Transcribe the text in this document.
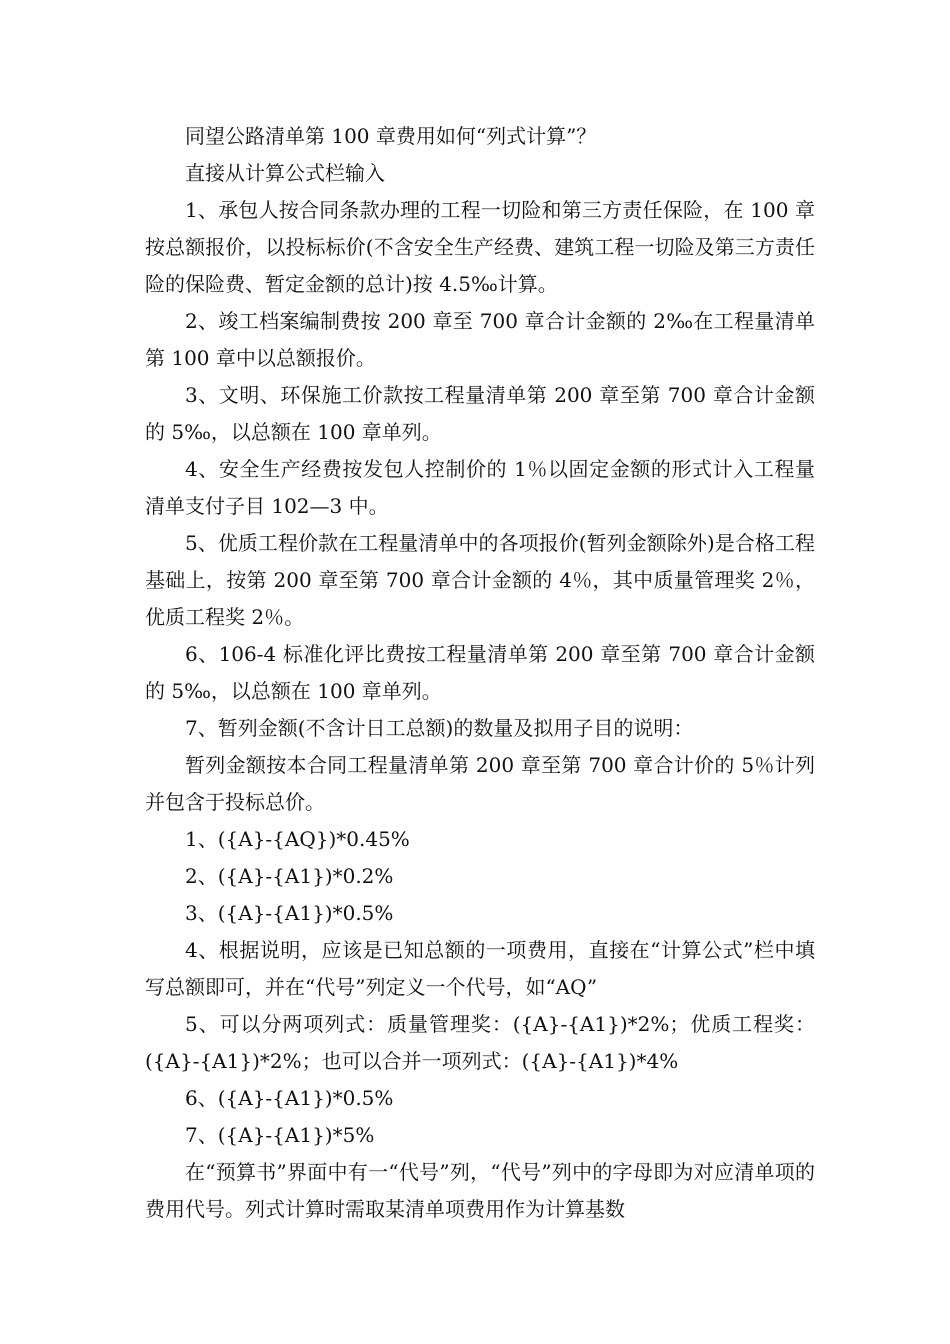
同望公路清单第 100 章费用如何“列式计算”？

直接从计算公式栏输入

1、承包人按合同条款办理的工程一切险和第三方责任保险，在 100 章按总额报价，以投标标价(不含安全生产经费、建筑工程一切险及第三方责任险的保险费、暂定金额的总计)按 4.5‰计算。

2、竣工档案编制费按 200 章至 700 章合计金额的 2‰在工程量清单第 100 章中以总额报价。

3、文明、环保施工价款按工程量清单第 200 章至第 700 章合计金额的 5‰，以总额在 100 章单列。

4、安全生产经费按发包人控制价的 1％以固定金额的形式计入工程量清单支付子目 102—3 中。

5、优质工程价款在工程量清单中的各项报价(暂列金额除外)是合格工程基础上，按第 200 章至第 700 章合计金额的 4％，其中质量管理奖 2％，优质工程奖 2％。

6、106-4 标准化评比费按工程量清单第 200 章至第 700 章合计金额的 5‰，以总额在 100 章单列。

7、暂列金额(不含计日工总额)的数量及拟用子目的说明：

暂列金额按本合同工程量清单第 200 章至第 700 章合计价的 5％计列并包含于投标总价。

1、({A}-{AQ})*0.45%

2、({A}-{A1})*0.2%

3、({A}-{A1})*0.5%

4、根据说明，应该是已知总额的一项费用，直接在“计算公式”栏中填写总额即可，并在“代号”列定义一个代号，如“AQ”

5、可以分两项列式：质量管理奖：({A}-{A1})*2%；优质工程奖：({A}-{A1})*2%；也可以合并一项列式：({A}-{A1})*4%

6、({A}-{A1})*0.5%

7、({A}-{A1})*5%

在“预算书”界面中有一“代号”列，“代号”列中的字母即为对应清单项的费用代号。列式计算时需取某清单项费用作为计算基数
